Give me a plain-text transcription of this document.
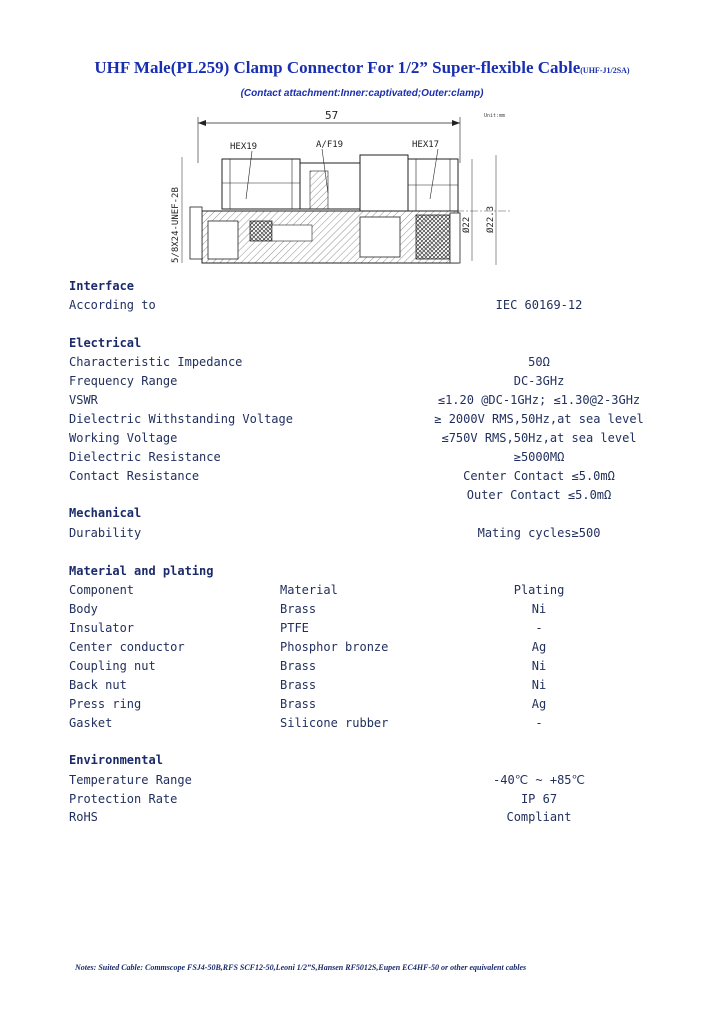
UHF Male(PL259) Clamp Connector For 1/2” Super-flexible Cable(UHF-J1/2SA)
(Contact attachment:Inner:captivated;Outer:clamp)
57	Unit:mm
HEX19	A/F19	HEX17
5/8X24-UNEF-2B	Ø22 Ø22.3
Interface
According to	IEC 60169-12
Electrical
Characteristic Impedance	50Ω
Frequency Range	DC-3GHz
VSWR	≤1.20 @DC-1GHz; ≤1.30@2-3GHz
Dielectric Withstanding Voltage	≥ 2000V RMS,50Hz,at sea level
Working Voltage	≤750V RMS,50Hz,at sea level
Dielectric Resistance	≥5000MΩ
Contact Resistance	Center Contact ≤5.0mΩ
Outer Contact ≤5.0mΩ
Mechanical
Durability	Mating cycles≥500
Material and plating
Component	Material	Plating
Body	Brass	Ni
Insulator	PTFE	-
Center conductor	Phosphor bronze	Ag
Coupling nut	Brass	Ni
Back nut	Brass	Ni
Press ring	Brass	Ag
Gasket	Silicone rubber	-
Environmental
Temperature Range	-40℃ ~ +85℃
Protection Rate	IP 67
RoHS	Compliant
Notes: Suited Cable: Commscope FSJ4-50B,RFS SCF12-50,Leoni 1/2”S,Hansen RF5012S,Eupen EC4HF-50 or other equivalent cables
